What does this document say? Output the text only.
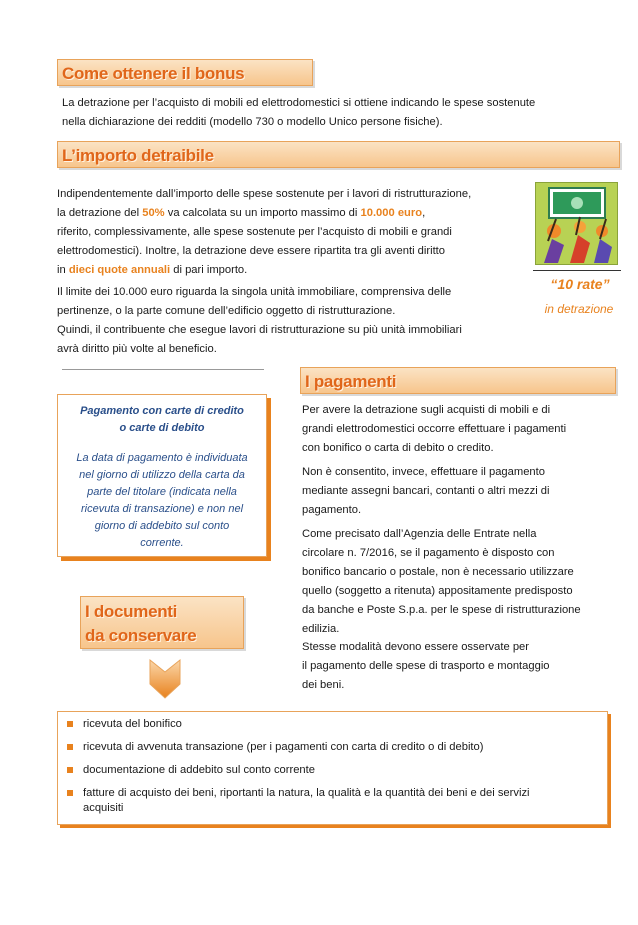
Come ottenere il bonus
La detrazione per l’acquisto di mobili ed elettrodomestici si ottiene indicando le spese sostenute
nella dichiarazione dei redditi (modello 730 o modello Unico persone fisiche).
L’importo detraibile
Indipendentemente dall’importo delle spese sostenute per i lavori di ristrutturazione,
la detrazione del 50% va calcolata su un importo massimo di 10.000 euro,
riferito, complessivamente, alle spese sostenute per l’acquisto di mobili e grandi
elettrodomestici). Inoltre, la detrazione deve essere ripartita tra gli aventi diritto
in dieci quote annuali di pari importo.
Il limite dei 10.000 euro riguarda la singola unità immobiliare, comprensiva delle
pertinenze, o la parte comune dell’edificio oggetto di ristrutturazione.
Quindi, il contribuente che esegue lavori di ristrutturazione su più unità immobiliari
avrà diritto più volte al beneficio.
“10 rate”
in detrazione
Pagamento con carte di credito
o carte di debito
La data di pagamento è individuata
nel giorno di utilizzo della carta da
parte del titolare (indicata nella
ricevuta di transazione) e non nel
giorno di addebito sul conto
corrente.
I pagamenti
Per avere la detrazione sugli acquisti di mobili e di
grandi elettrodomestici occorre effettuare i pagamenti
con bonifico o carta di debito o credito.
Non è consentito, invece, effettuare il pagamento
mediante assegni bancari, contanti o altri mezzi di
pagamento.
Come precisato dall’Agenzia delle Entrate nella
circolare n. 7/2016, se il pagamento è disposto con
bonifico bancario o postale, non è necessario utilizzare
quello (soggetto a ritenuta) appositamente predisposto
da banche e Poste S.p.a. per le spese di ristrutturazione
edilizia.
Stesse modalità devono essere osservate per
il pagamento delle spese di trasporto e montaggio
dei beni.
I documenti
da conservare
ricevuta del bonifico
ricevuta di avvenuta transazione (per i pagamenti con carta di credito o di debito)
documentazione di addebito sul conto corrente
fatture di acquisto dei beni, riportanti la natura, la qualità e la quantità dei beni e dei servizi
acquisiti
